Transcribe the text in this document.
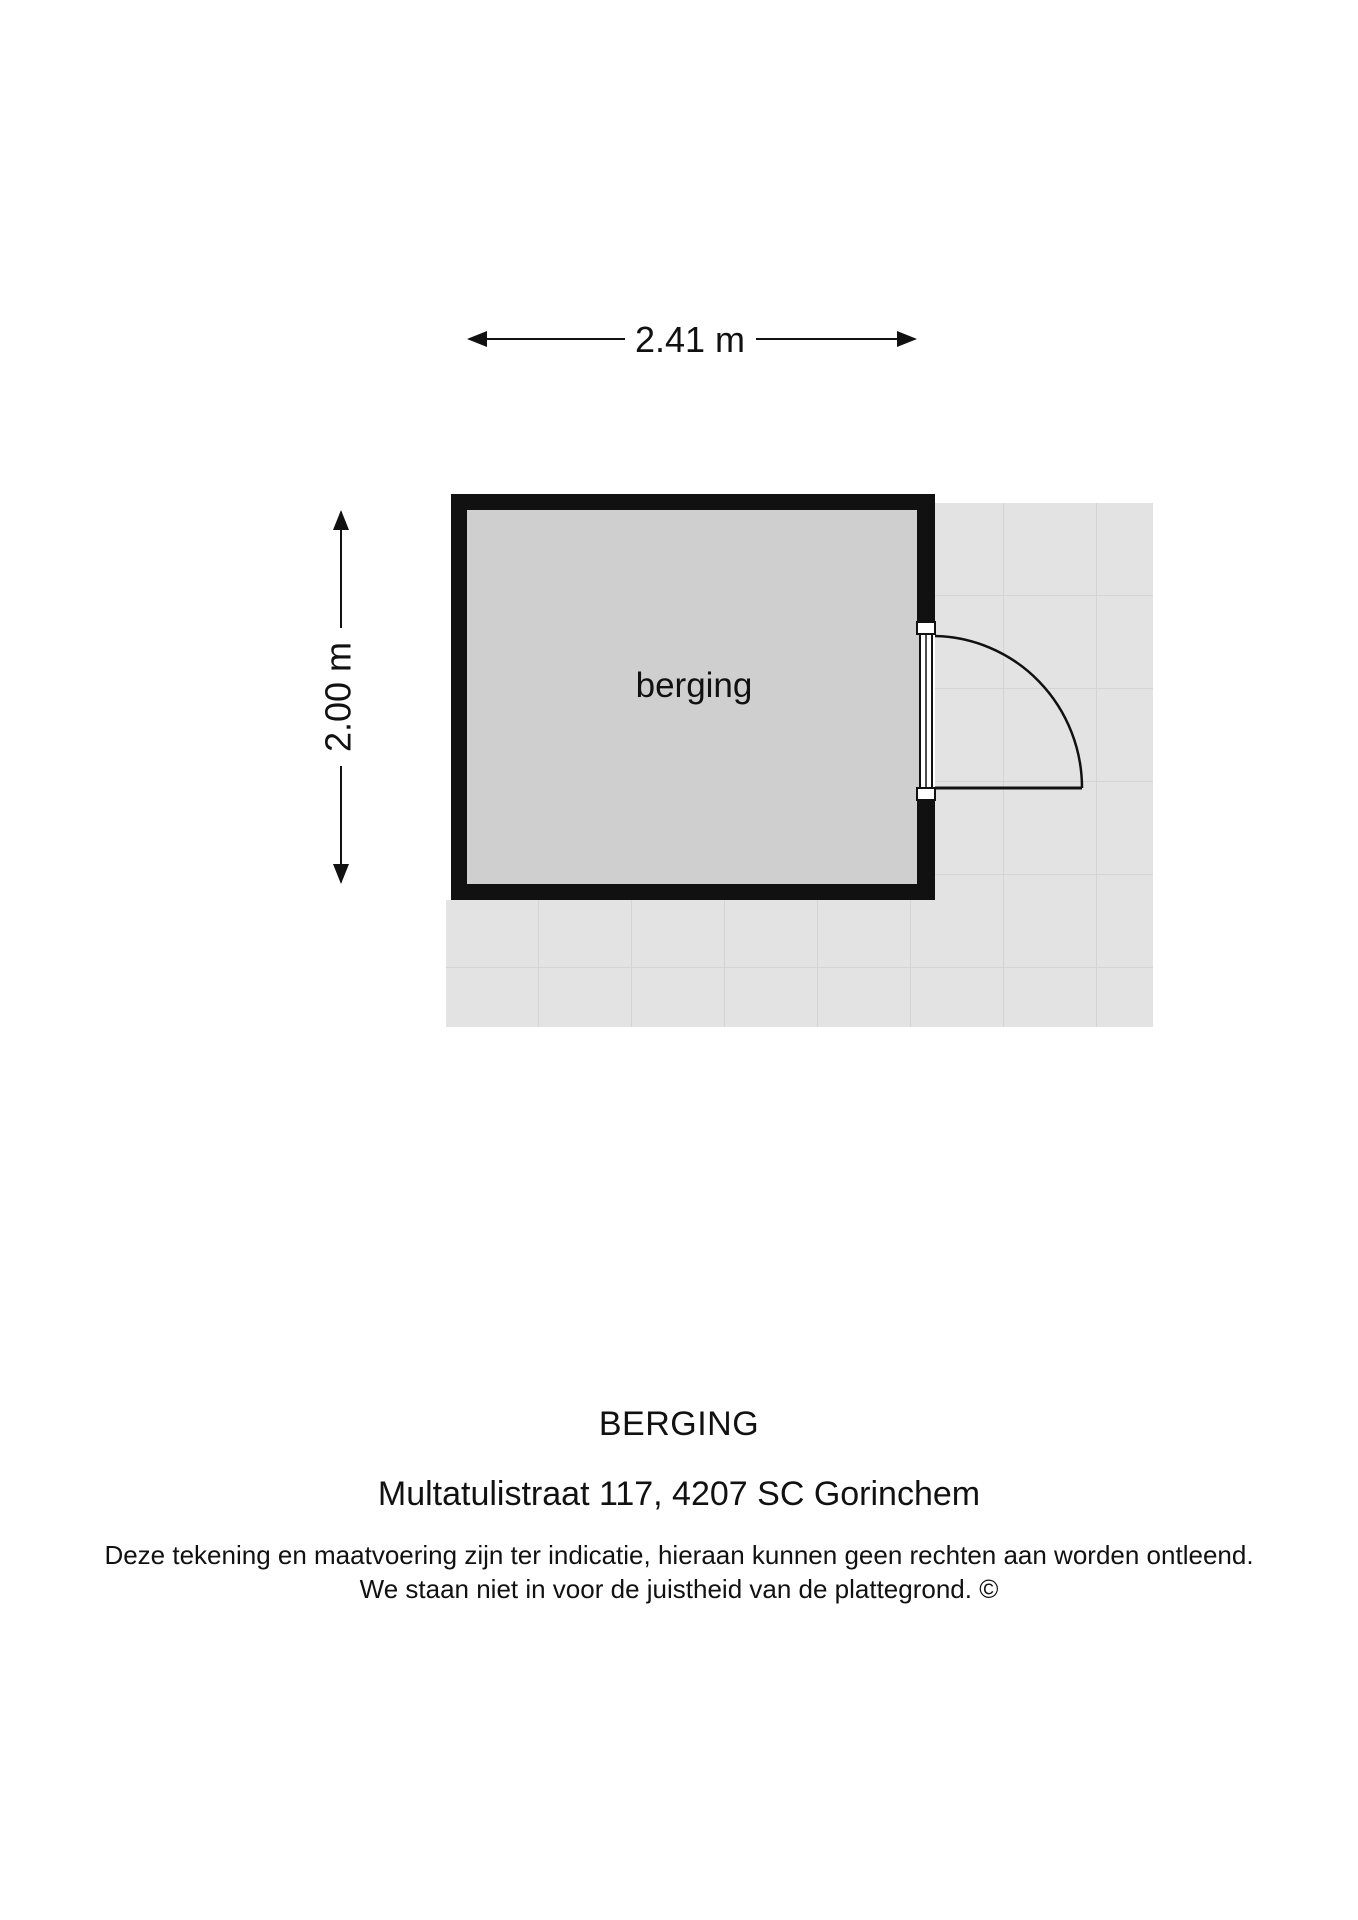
berging
2.41 m
2.00 m

BERGING

Multatulistraat 117, 4207 SC Gorinchem

Deze tekening en maatvoering zijn ter indicatie, hieraan kunnen geen rechten aan worden ontleend.

We staan niet in voor de juistheid van de plattegrond. ©
